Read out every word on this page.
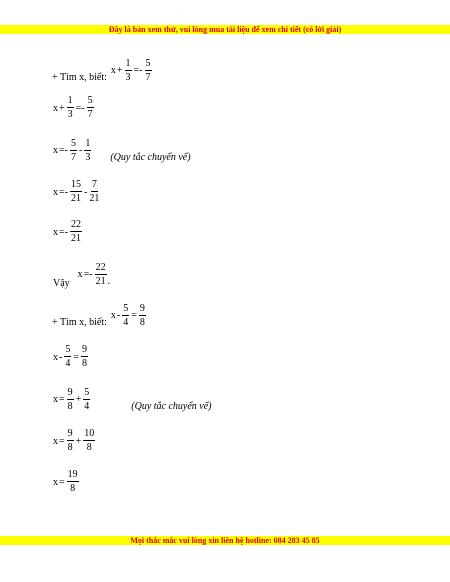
Đây là bản xem thử, vui lòng mua tài liệu để xem chi tiết (có lời giải)
+ Tìm x, biết:
$x + \frac{1}{3} =- \frac{5}{7}$
$x + \frac{1}{3} =- \frac{5}{7}$
$x =- \frac{5}{7} - \frac{1}{3} (Quy$ tắc chuyển vế)
$x =- \frac{15}{21} - \frac{7}{21}$
$x =- \frac{22}{21}$
Vậy
$x =- \frac{22}{21}$ .
+ Tìm x, biết:
$x - \frac{5}{4} = \frac{9}{8}$
$x - \frac{5}{4} = \frac{9}{8}$
$x = \frac{9}{8} + \frac{5}{4}$	(Quy tắc chuyển vế)
$x = \frac{9}{8} + \frac{10}{8}$
$x = \frac{19}{8}$
Mọi thắc mắc vui lòng xin liên hệ hotline: 084 283 45 85
